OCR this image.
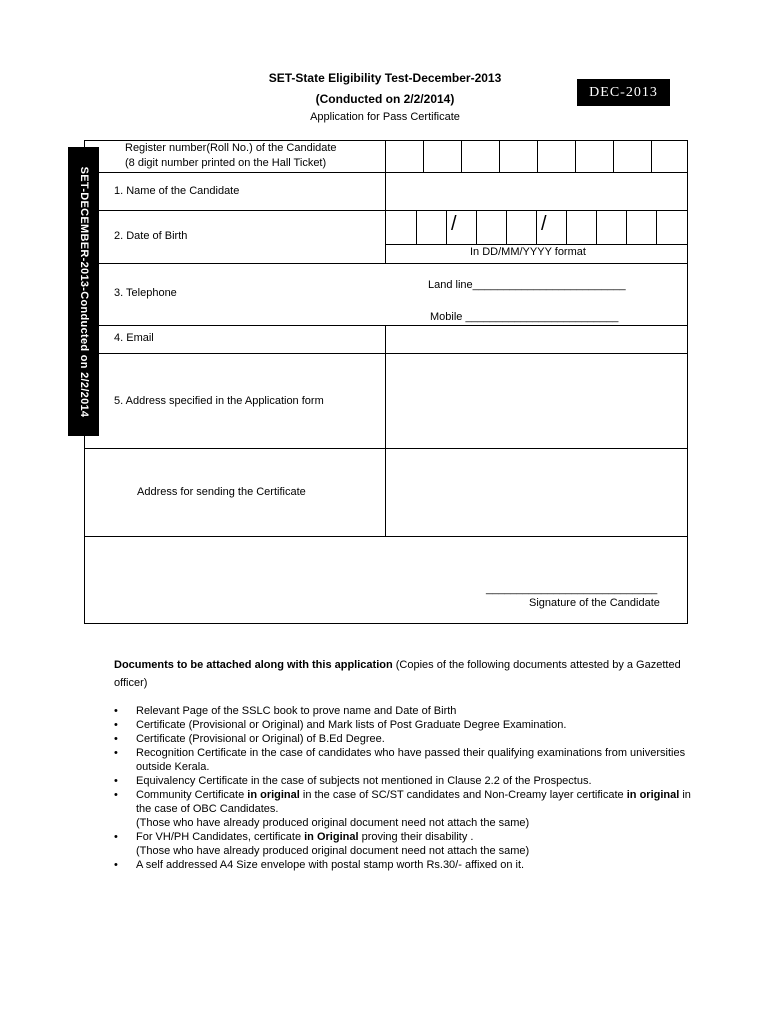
SET-State Eligibility Test-December-2013
(Conducted on 2/2/2014)
Application for Pass Certificate
DEC-2013
/	/
Register number(Roll No.) of the Candidate
(8 digit number printed on the Hall Ticket)
1. Name of the Candidate
2. Date of Birth
In DD/MM/YYYY format
3. Telephone
Land line_________________________
Mobile _________________________
4. Email
5. Address specified in the Application form
Address for sending the Certificate
____________________________
Signature of the Candidate
SET-DECEMBER-2013-Conducted on 2/2/2014
Documents to be attached along with this application (Copies of the following documents attested by a Gazetted officer)
• Relevant Page of the SSLC book to prove name and Date of Birth
• Certificate (Provisional or Original) and Mark lists of Post Graduate Degree Examination.
• Certificate (Provisional or Original) of B.Ed Degree.
• Recognition Certificate in the case of candidates who have passed their qualifying examinations from universities outside Kerala.
• Equivalency Certificate in the case of subjects not mentioned in Clause 2.2 of the Prospectus.
• Community Certificate in original in the case of SC/ST candidates and Non-Creamy layer certificate in original in the case of OBC Candidates.
(Those who have already produced original document need not attach the same)
• For VH/PH Candidates, certificate in Original proving their disability .
(Those who have already produced original document need not attach the same)
• A self addressed A4 Size envelope with postal stamp worth Rs.30/- affixed on it.
